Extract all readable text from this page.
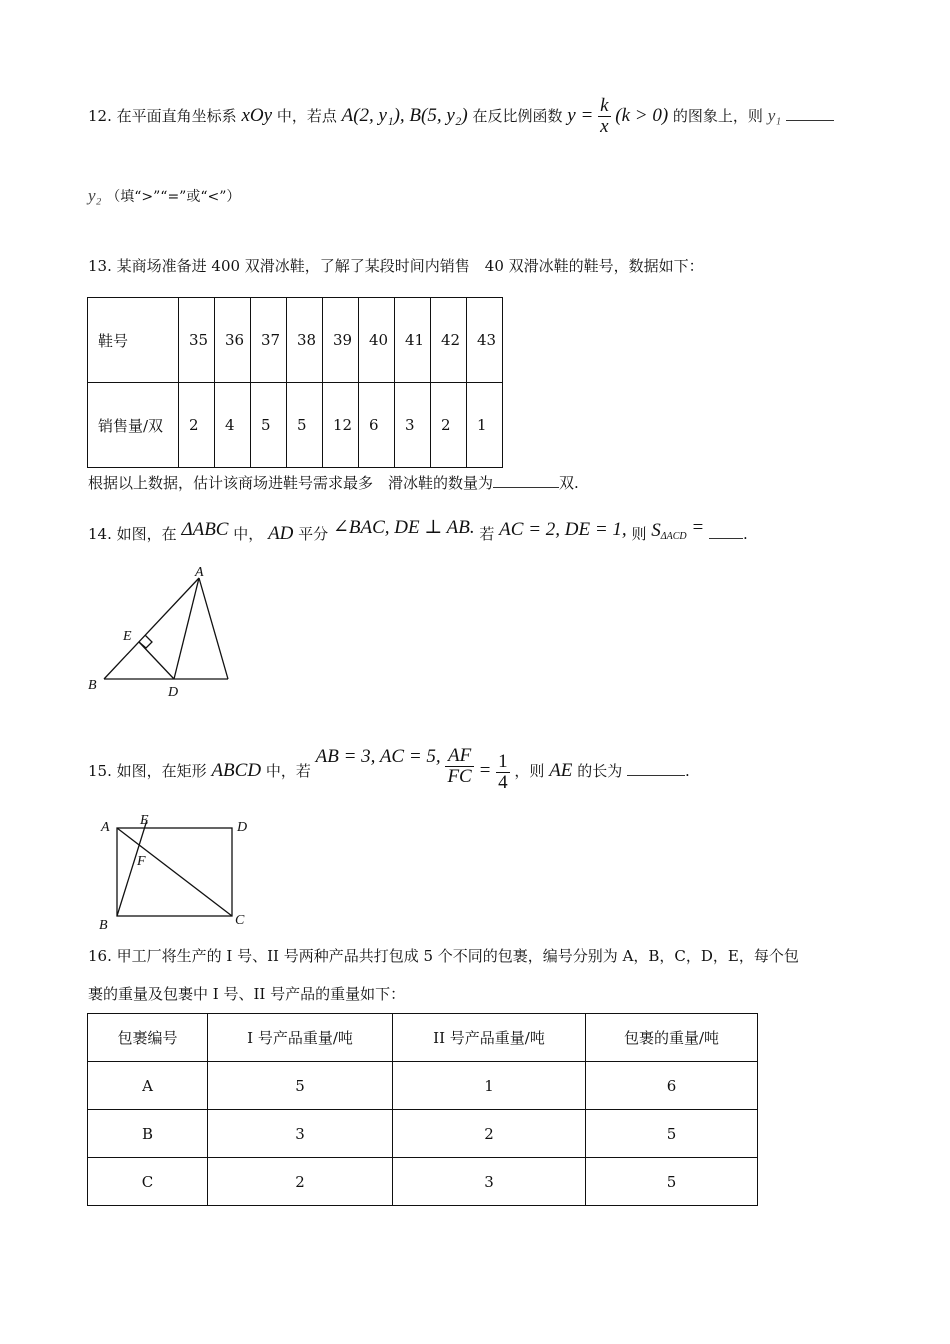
12. 在平面直角坐标系 xOy 中，若点 A(2, y₁), B(5, y₂) 在反比例函数 $y = \frac{k}{x} (k > 0)$ 的图象上，则 y₁
y₂ （填“>”“=”或“<”）
13. 某商场准备进 400 双滑冰鞋，了解了某段时间内销售　40 双滑冰鞋的鞋号，数据如下：
鞋号	35	36	37	38	39	40	41	42	43
销售量/双	2	4	5	5	12	6	3	2	1
根据以上数据，估计该商场进鞋号需求最多　滑冰鞋的数量为	双.
14. 如图，在 ΔABC 中， AD 平分 ∠BAC, DE ⊥ AB. 若 AC = 2, DE = 1, 则 SΔACD =	.
A
B	D
E
15. 如图，在矩形 ABCD 中，若 AB = 3, AC = 5, $\frac{AF}{FC} = \frac{1}{4}$ ，则 AE 的长为	.
A E	D
F
B	C
16. 甲工厂将生产的 I 号、II 号两种产品共打包成 5 个不同的包裹，编号分别为 A，B，C，D，E，每个包
裹的重量及包裹中 I 号、II 号产品的重量如下：
包裹编号	I 号产品重量/吨	II 号产品重量/吨	包裹的重量/吨
A	5	1	6
B	3	2	5
C	2	3	5
